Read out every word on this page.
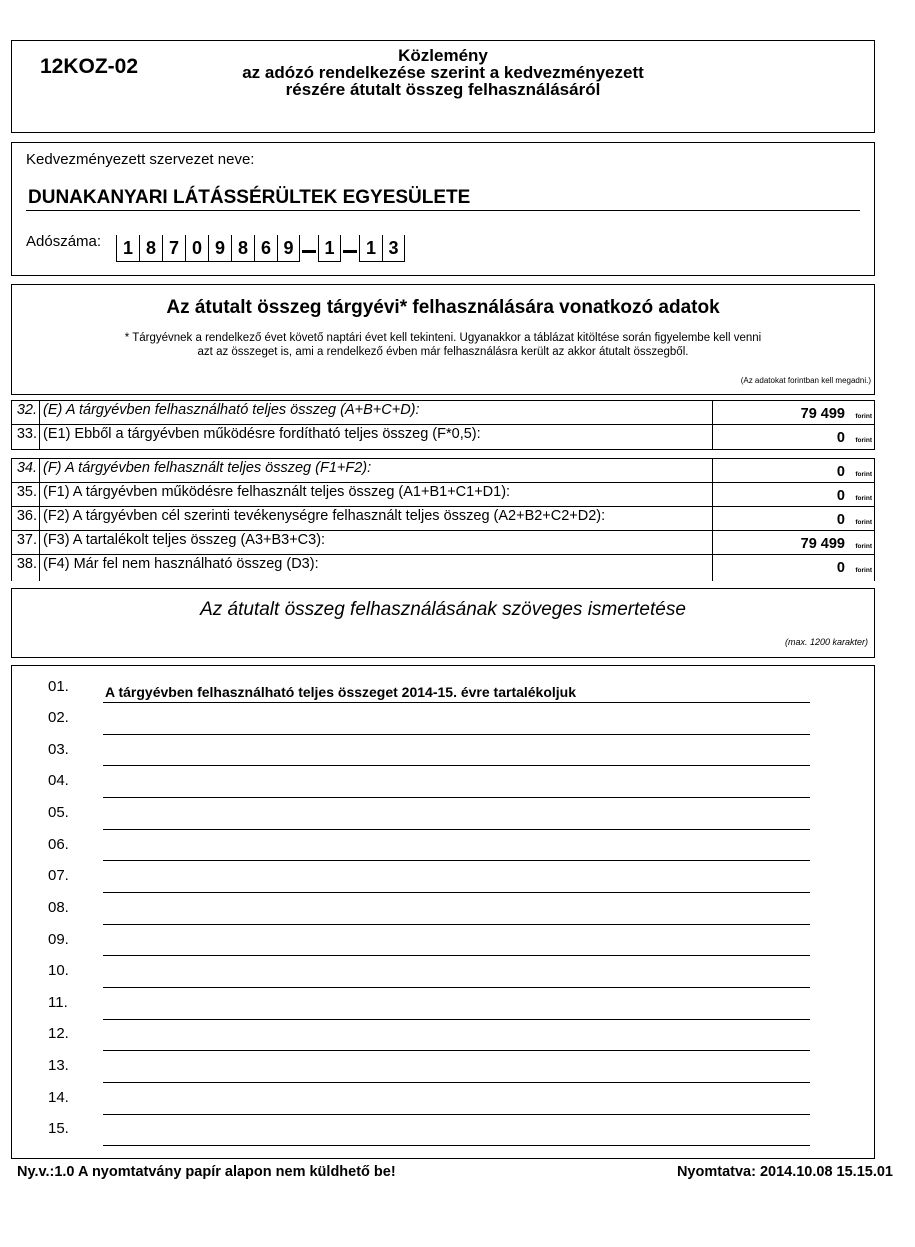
12KOZ-02	Közlemény
az adózó rendelkezése szerint a kedvezményezett
részére átutalt összeg felhasználásáról
Kedvezményezett szervezet neve:
DUNAKANYARI LÁTÁSSÉRÜLTEK EGYESÜLETE
Adószáma:	1 8 7 0 9 8 6 9	1	1 3
Az átutalt összeg tárgyévi* felhasználására vonatkozó adatok
* Tárgyévnek a rendelkező évet követő naptári évet kell tekinteni. Ugyanakkor a táblázat kitöltése során figyelembe kell venni
azt az összeget is, ami a rendelkező évben már felhasználásra került az akkor átutalt összegből.
(Az adatokat forintban kell megadni.)
32. (E) A tárgyévben felhasználható teljes összeg (A+B+C+D):	79 499 forint
33. (E1) Ebből a tárgyévben működésre fordítható teljes összeg (F*0,5):	0 forint
34. (F) A tárgyévben felhasznált teljes összeg (F1+F2):	0 forint
35. (F1) A tárgyévben működésre felhasznált teljes összeg (A1+B1+C1+D1):	0 forint
36. (F2) A tárgyévben cél szerinti tevékenységre felhasznált teljes összeg (A2+B2+C2+D2):	0 forint
37. (F3) A tartalékolt teljes összeg (A3+B3+C3):	79 499 forint
38. (F4) Már fel nem használható összeg (D3):	0 forint
Az átutalt összeg felhasználásának szöveges ismertetése
(max. 1200 karakter)
01.	A tárgyévben felhasználható teljes összeget 2014-15. évre tartalékoljuk
02.
03.
04.
05.
06.
07.
08.
09.
10.
11.
12.
13.
14.
15.
Ny.v.:1.0 A nyomtatvány papír alapon nem küldhető be!	Nyomtatva: 2014.10.08 15.15.01
